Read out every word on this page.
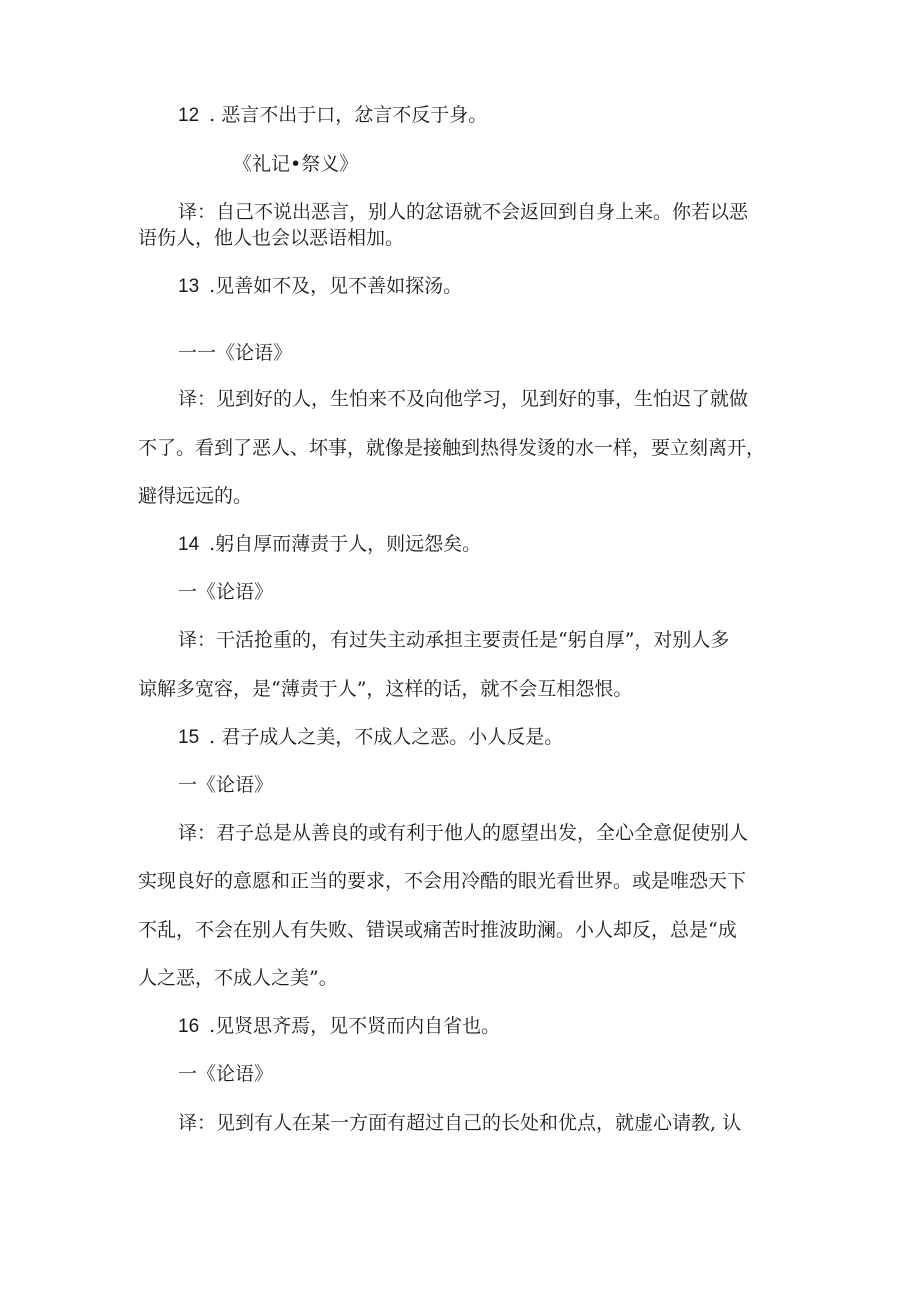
12 . 恶言不出于口，忿言不反于身。
《礼记•祭义》
译：自己不说出恶言，别人的忿语就不会返回到自身上来。你若以恶
语伤人，他人也会以恶语相加。
13 .见善如不及，见不善如探汤。
一一《论语》
译：见到好的人，生怕来不及向他学习，见到好的事，生怕迟了就做
不了。看到了恶人、坏事，就像是接触到热得发烫的水一样，要立刻离开，
避得远远的。
14 .躬自厚而薄责于人，则远怨矣。
一《论语》
译：干活抢重的，有过失主动承担主要责任是“躬自厚”，对别人多
谅解多宽容，是“薄责于人”，这样的话，就不会互相怨恨。
15 . 君子成人之美，不成人之恶。小人反是。
一《论语》
译：君子总是从善良的或有利于他人的愿望出发，全心全意促使别人
实现良好的意愿和正当的要求，不会用冷酷的眼光看世界。或是唯恐天下
不乱，不会在别人有失败、错误或痛苦时推波助澜。小人却反，总是“成
人之恶，不成人之美”。
16 .见贤思齐焉，见不贤而内自省也。
一《论语》
译：见到有人在某一方面有超过自己的长处和优点，就虚心请教, 认
